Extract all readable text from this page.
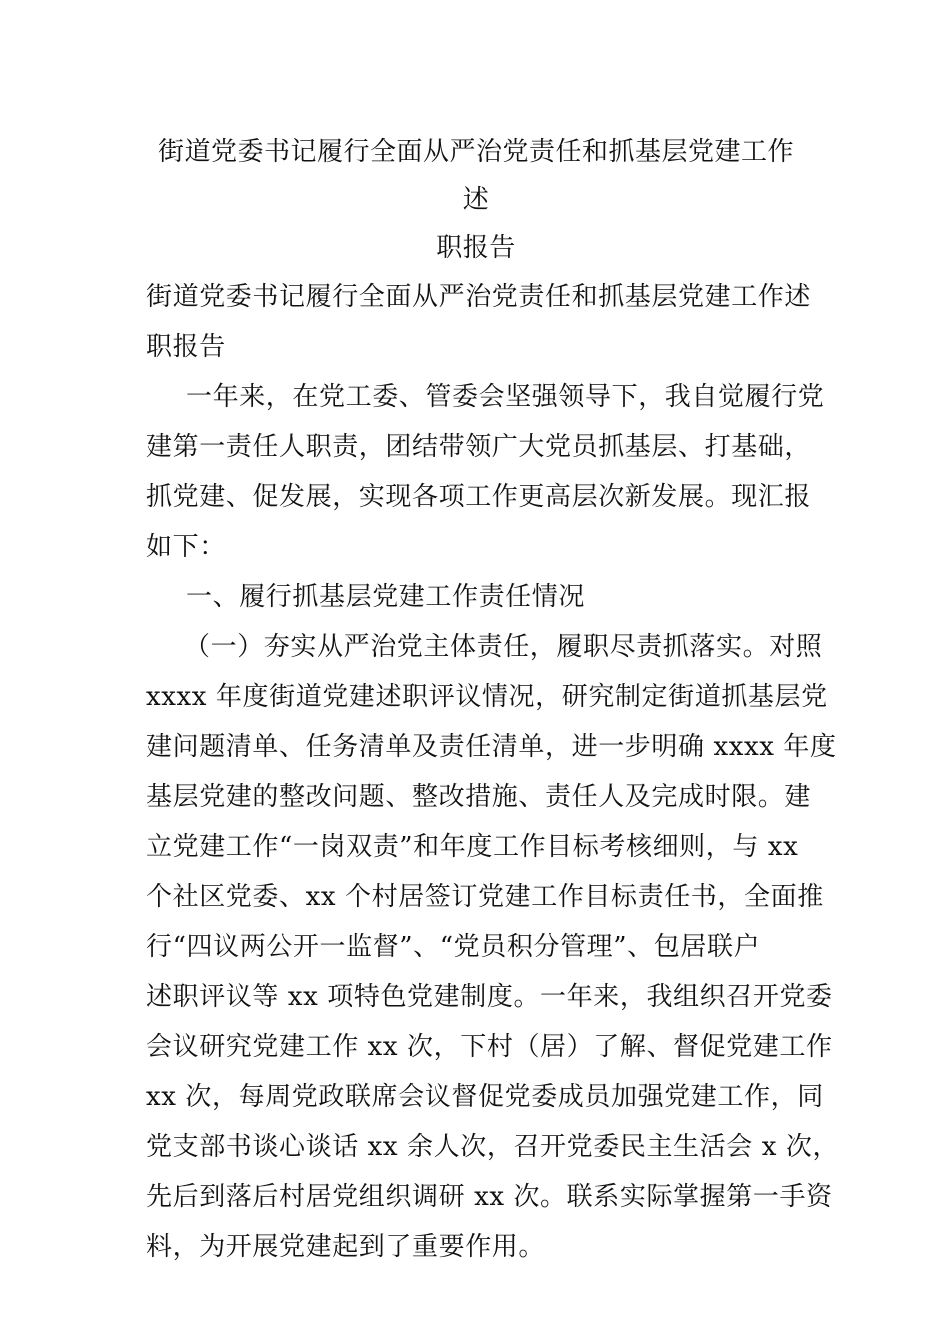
街道党委书记履行全面从严治党责任和抓基层党建工作述
职报告

街道党委书记履行全面从严治党责任和抓基层党建工作述

职报告

一年来，在党工委、管委会坚强领导下，我自觉履行党

建第一责任人职责，团结带领广大党员抓基层、打基础，

抓党建、促发展，实现各项工作更高层次新发展。现汇报

如下：

一、履行抓基层党建工作责任情况

（一）夯实从严治党主体责任，履职尽责抓落实。对照

xxxx 年度街道党建述职评议情况，研究制定街道抓基层党

建问题清单、任务清单及责任清单，进一步明确 xxxx 年度

基层党建的整改问题、整改措施、责任人及完成时限。建

立党建工作“一岗双责”和年度工作目标考核细则，与 xx

个社区党委、xx 个村居签订党建工作目标责任书，全面推

行“四议两公开一监督”、“党员积分管理”、包居联户

述职评议等 xx 项特色党建制度。一年来，我组织召开党委

会议研究党建工作 xx 次，下村（居）了解、督促党建工作

xx 次，每周党政联席会议督促党委成员加强党建工作，同

党支部书谈心谈话 xx 余人次，召开党委民主生活会 x 次，

先后到落后村居党组织调研 xx 次。联系实际掌握第一手资

料，为开展党建起到了重要作用。
